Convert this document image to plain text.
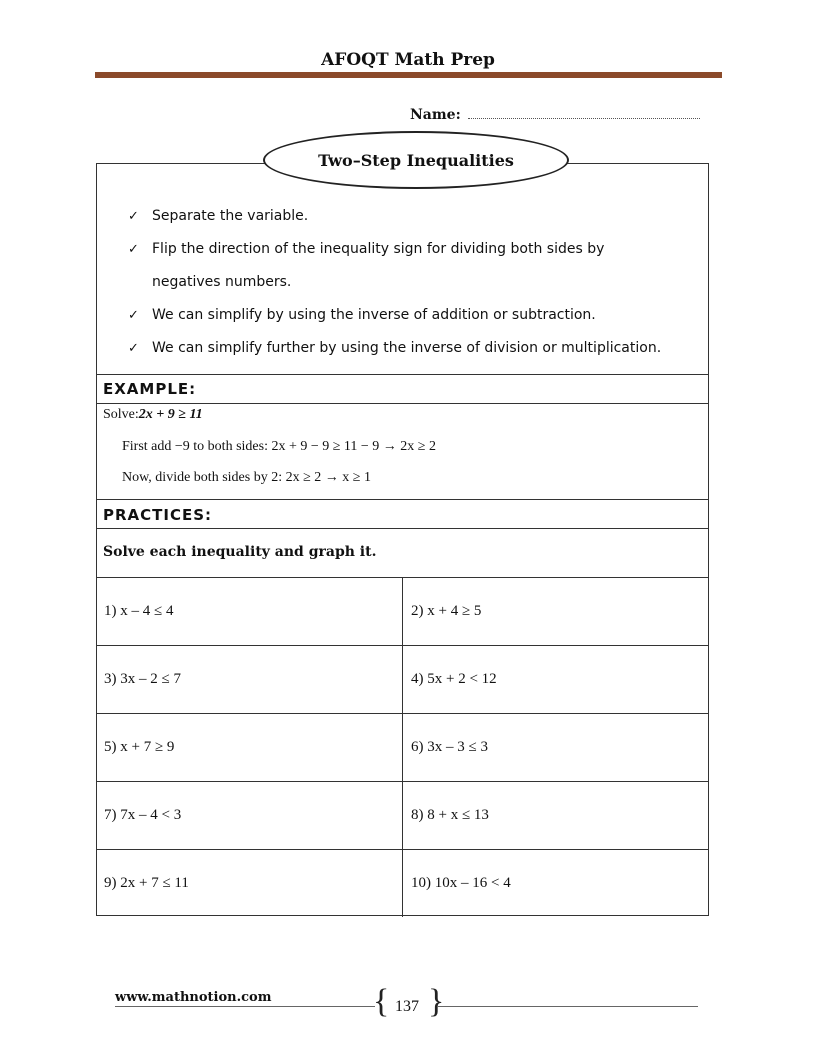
AFOQT Math Prep
Name:
Two–Step Inequalities
✓ Separate the variable.
✓ Flip the direction of the inequality sign for dividing both sides by
negatives numbers.
✓ We can simplify by using the inverse of addition or subtraction.
✓ We can simplify further by using the inverse of division or multiplication.
EXAMPLE:
Solve:2x + 9 ≥ 11
First add −9 to both sides: 2x + 9 − 9 ≥ 11 − 9 → 2x ≥ 2
Now, divide both sides by 2: 2x ≥ 2 → x ≥ 1
PRACTICES:
Solve each inequality and graph it.
1) x – 4 ≤ 4	2) x + 4 ≥ 5
3) 3x – 2 ≤ 7	4) 5x + 2 < 12
5) x + 7 ≥ 9	6) 3x – 3 ≤ 3
7) 7x – 4 < 3	8) 8 + x ≤ 13
9) 2x + 7 ≤ 11	10) 10x – 16 < 4
www.mathnotion.com	{ 137 }
